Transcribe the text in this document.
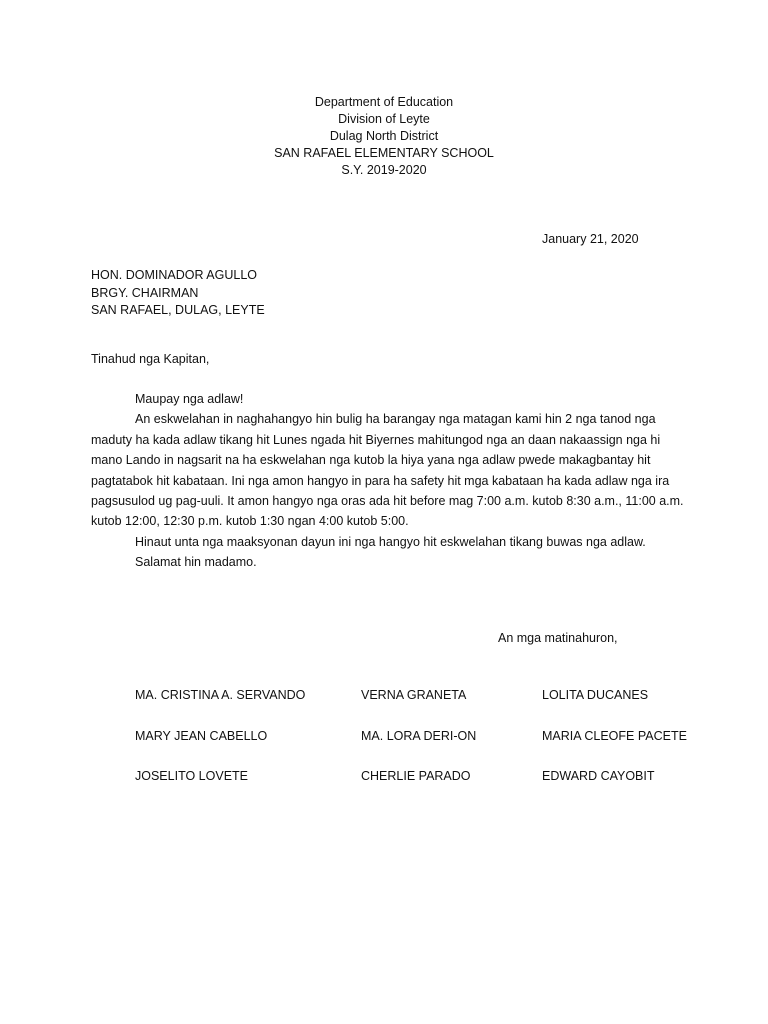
Department of Education
Division of Leyte
Dulag North District
SAN RAFAEL ELEMENTARY SCHOOL
S.Y. 2019-2020
January 21, 2020
HON. DOMINADOR AGULLO
BRGY. CHAIRMAN
SAN RAFAEL, DULAG, LEYTE
Tinahud nga Kapitan,

Maupay nga adlaw!

An eskwelahan in naghahangyo hin bulig ha barangay nga matagan kami hin 2 nga tanod nga maduty ha kada adlaw tikang hit Lunes ngada hit Biyernes mahitungod nga an daan nakaassign nga hi mano Lando in nagsarit na ha eskwelahan nga kutob la hiya yana nga adlaw pwede makagbantay hit pagtatabok hit kabataan. Ini nga amon hangyo in para ha safety hit mga kabataan ha kada adlaw nga ira pagsusulod ug pag-uuli. It amon hangyo nga oras ada hit before mag 7:00 a.m. kutob 8:30 a.m., 11:00 a.m. kutob 12:00, 12:30 p.m. kutob 1:30 ngan 4:00 kutob 5:00.

Hinaut unta nga maaksyonan dayun ini nga hangyo hit eskwelahan tikang buwas nga adlaw.

Salamat hin madamo.

An mga matinahuron,
MA. CRISTINA A. SERVANDO	VERNA GRANETA	LOLITA DUCANES
MARY JEAN CABELLO	MA. LORA DERI-ON	MARIA CLEOFE PACETE
JOSELITO LOVETE	CHERLIE PARADO	EDWARD CAYOBIT
